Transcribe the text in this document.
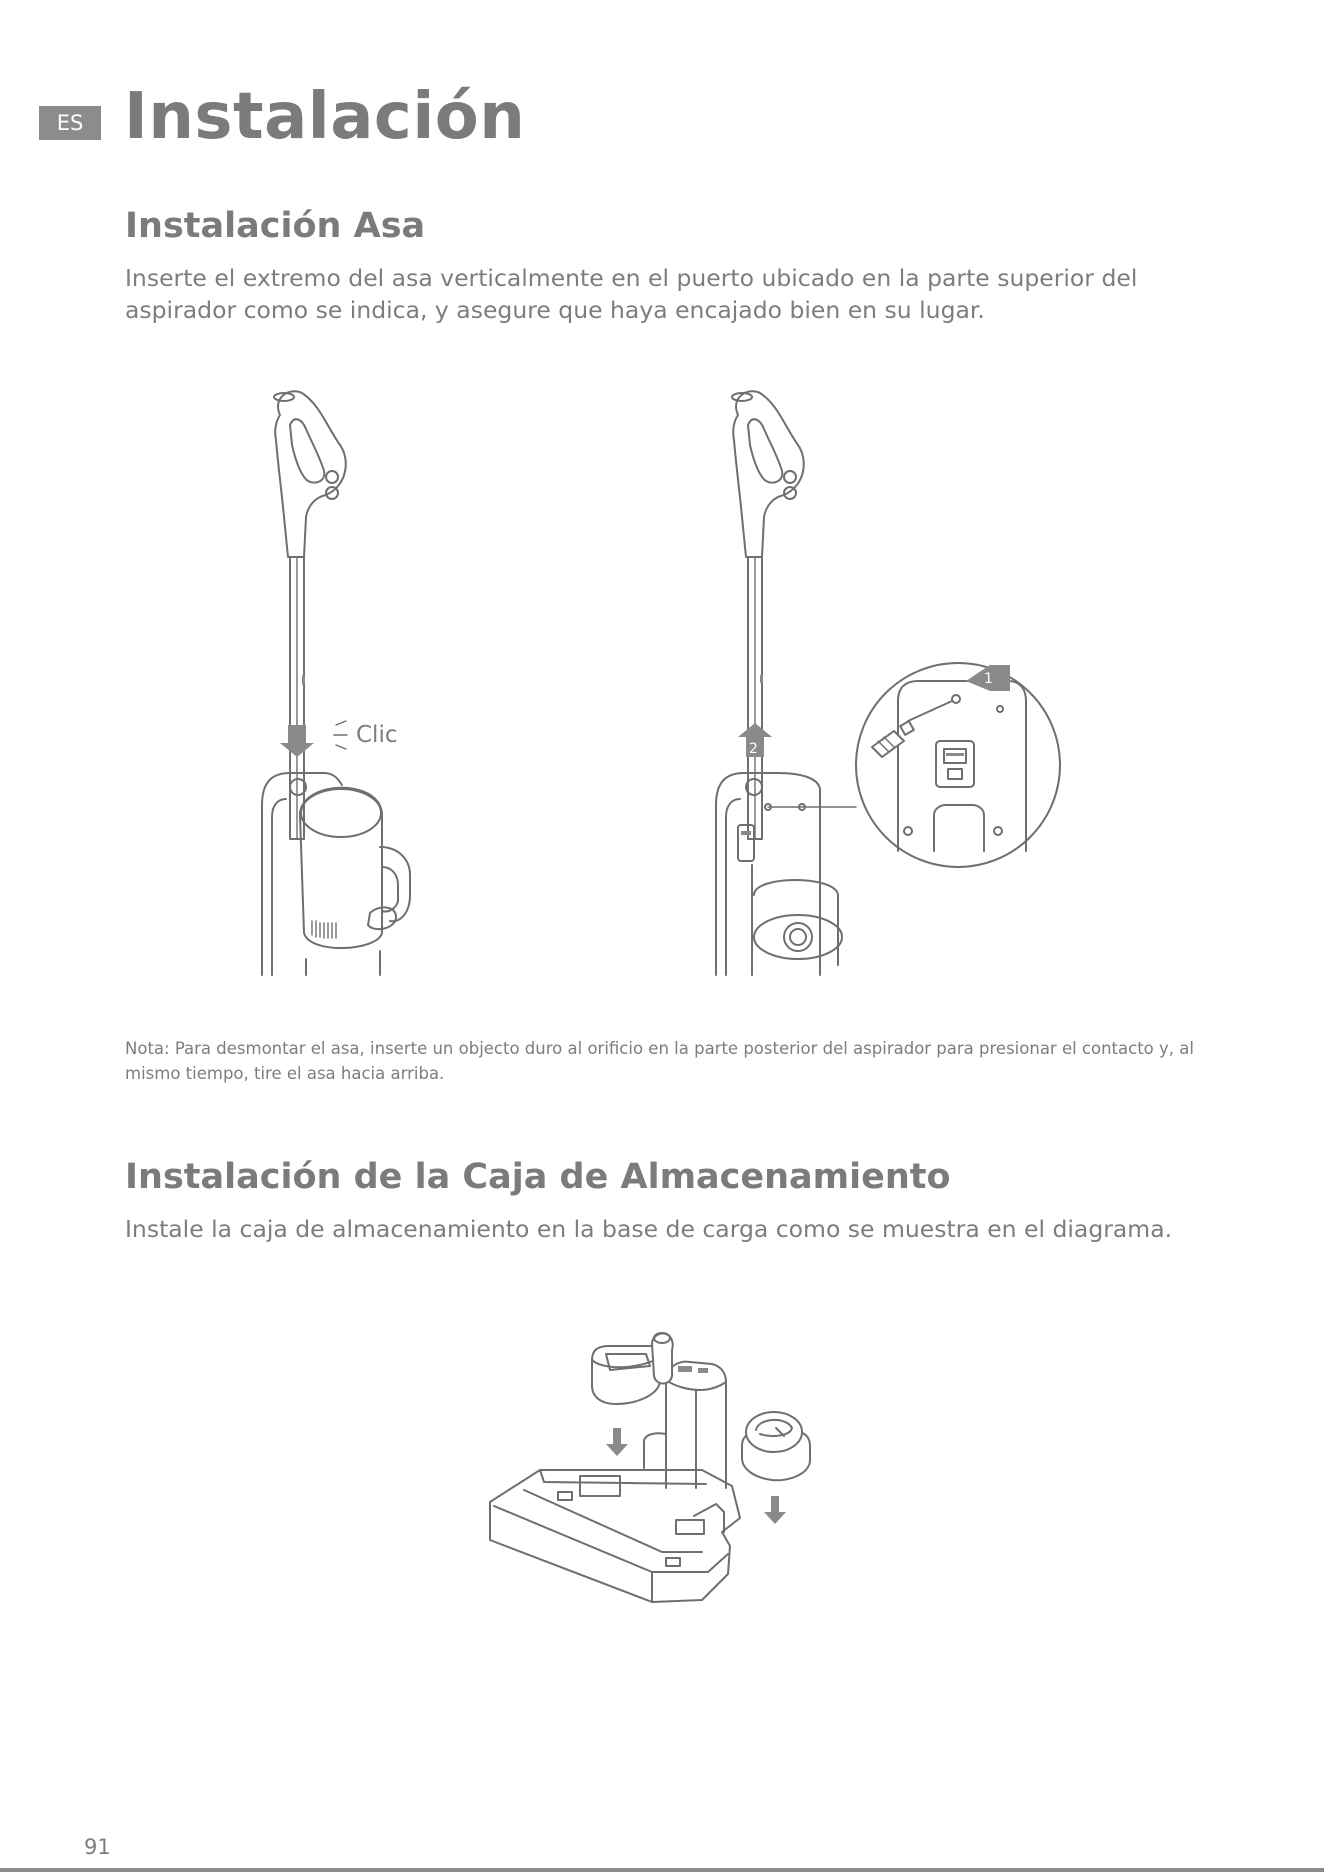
ES Instalación
Instalación Asa

Inserte el extremo del asa verticalmente en el puerto ubicado en la parte superior del aspirador como se indica, y asegure que haya encajado bien en su lugar.

Clic
2
1

Nota: Para desmontar el asa, inserte un objecto duro al orificio en la parte posterior del aspirador para presionar el contacto y, al mismo tiempo, tire el asa hacia arriba.

Instalación de la Caja de Almacenamiento

Instale la caja de almacenamiento en la base de carga como se muestra en el diagrama.

91
